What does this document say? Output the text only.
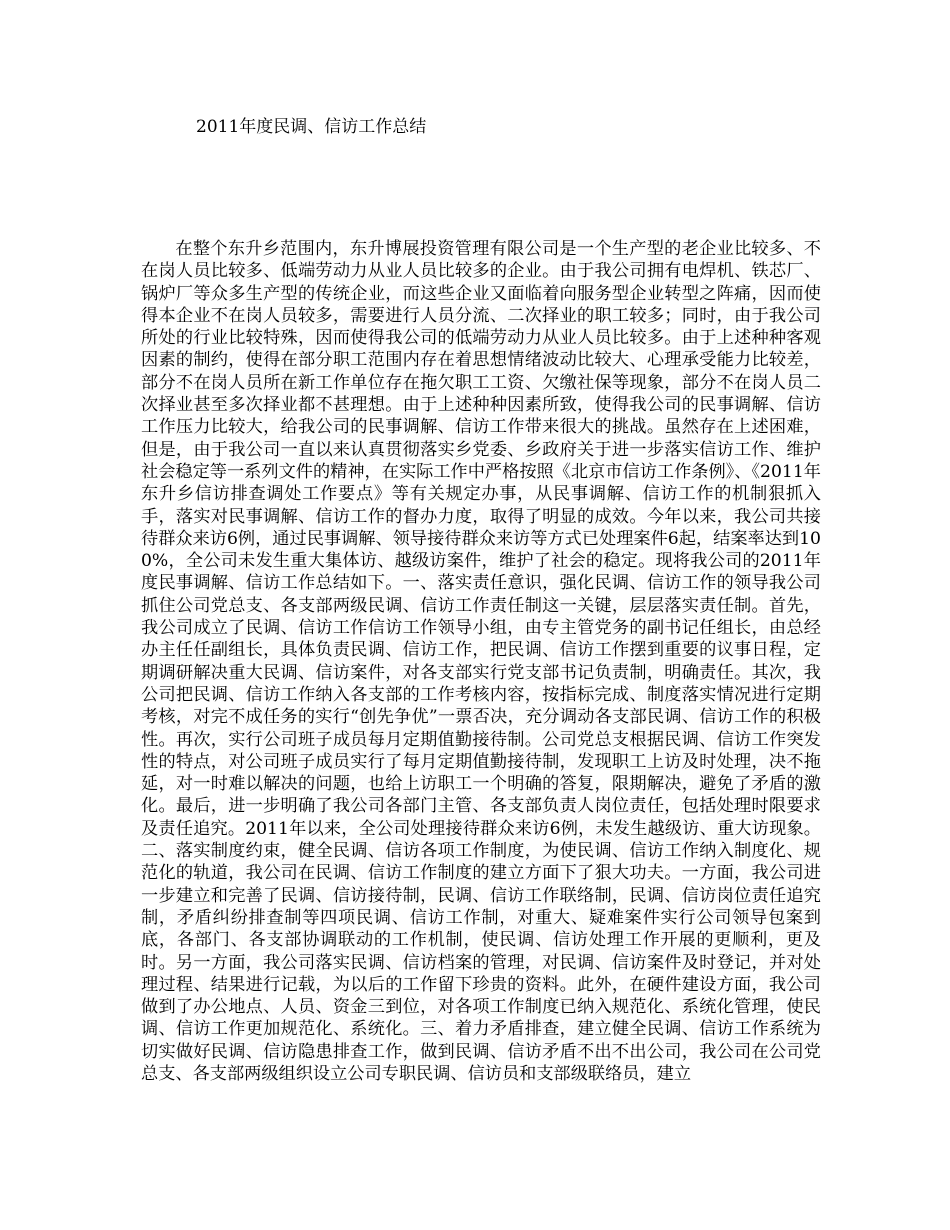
2011年度民调、信访工作总结

在整个东升乡范围内，东升博展投资管理有限公司是一个生产型的老企业比较多、不在岗人员比较多、低端劳动力从业人员比较多的企业。由于我公司拥有电焊机、铁芯厂、锅炉厂等众多生产型的传统企业，而这些企业又面临着向服务型企业转型之阵痛，因而使得本企业不在岗人员较多，需要进行人员分流、二次择业的职工较多；同时，由于我公司所处的行业比较特殊，因而使得我公司的低端劳动力从业人员比较多。由于上述种种客观因素的制约，使得在部分职工范围内存在着思想情绪波动比较大、心理承受能力比较差，部分不在岗人员所在新工作单位存在拖欠职工工资、欠缴社保等现象，部分不在岗人员二次择业甚至多次择业都不甚理想。由于上述种种因素所致，使得我公司的民事调解、信访工作压力比较大，给我公司的民事调解、信访工作带来很大的挑战。虽然存在上述困难，但是，由于我公司一直以来认真贯彻落实乡党委、乡政府关于进一步落实信访工作、维护社会稳定等一系列文件的精神，在实际工作中严格按照《北京市信访工作条例》、《2011年东升乡信访排查调处工作要点》等有关规定办事，从民事调解、信访工作的机制狠抓入手，落实对民事调解、信访工作的督办力度，取得了明显的成效。今年以来，我公司共接待群众来访6例，通过民事调解、领导接待群众来访等方式已处理案件6起，结案率达到100%，全公司未发生重大集体访、越级访案件，维护了社会的稳定。现将我公司的2011年度民事调解、信访工作总结如下。一、落实责任意识，强化民调、信访工作的领导我公司抓住公司党总支、各支部两级民调、信访工作责任制这一关键，层层落实责任制。首先，我公司成立了民调、信访工作信访工作领导小组，由专主管党务的副书记任组长，由总经办主任任副组长，具体负责民调、信访工作，把民调、信访工作摆到重要的议事日程，定期调研解决重大民调、信访案件，对各支部实行党支部书记负责制，明确责任。其次，我公司把民调、信访工作纳入各支部的工作考核内容，按指标完成、制度落实情况进行定期考核，对完不成任务的实行“创先争优”一票否决，充分调动各支部民调、信访工作的积极性。再次，实行公司班子成员每月定期值勤接待制。公司党总支根据民调、信访工作突发性的特点，对公司班子成员实行了每月定期值勤接待制，发现职工上访及时处理，决不拖延，对一时难以解决的问题，也给上访职工一个明确的答复，限期解决，避免了矛盾的激化。最后，进一步明确了我公司各部门主管、各支部负责人岗位责任，包括处理时限要求及责任追究。2011年以来，全公司处理接待群众来访6例，未发生越级访、重大访现象。二、落实制度约束，健全民调、信访各项工作制度，为使民调、信访工作纳入制度化、规范化的轨道，我公司在民调、信访工作制度的建立方面下了狠大功夫。一方面，我公司进一步建立和完善了民调、信访接待制，民调、信访工作联络制，民调、信访岗位责任追究制，矛盾纠纷排查制等四项民调、信访工作制，对重大、疑难案件实行公司领导包案到底，各部门、各支部协调联动的工作机制，使民调、信访处理工作开展的更顺利，更及时。另一方面，我公司落实民调、信访档案的管理，对民调、信访案件及时登记，并对处理过程、结果进行记载，为以后的工作留下珍贵的资料。此外，在硬件建设方面，我公司做到了办公地点、人员、资金三到位，对各项工作制度已纳入规范化、系统化管理，使民调、信访工作更加规范化、系统化。三、着力矛盾排查，建立健全民调、信访工作系统为切实做好民调、信访隐患排查工作，做到民调、信访矛盾不出不出公司，我公司在公司党总支、各支部两级组织设立公司专职民调、信访员和支部级联络员，建立
